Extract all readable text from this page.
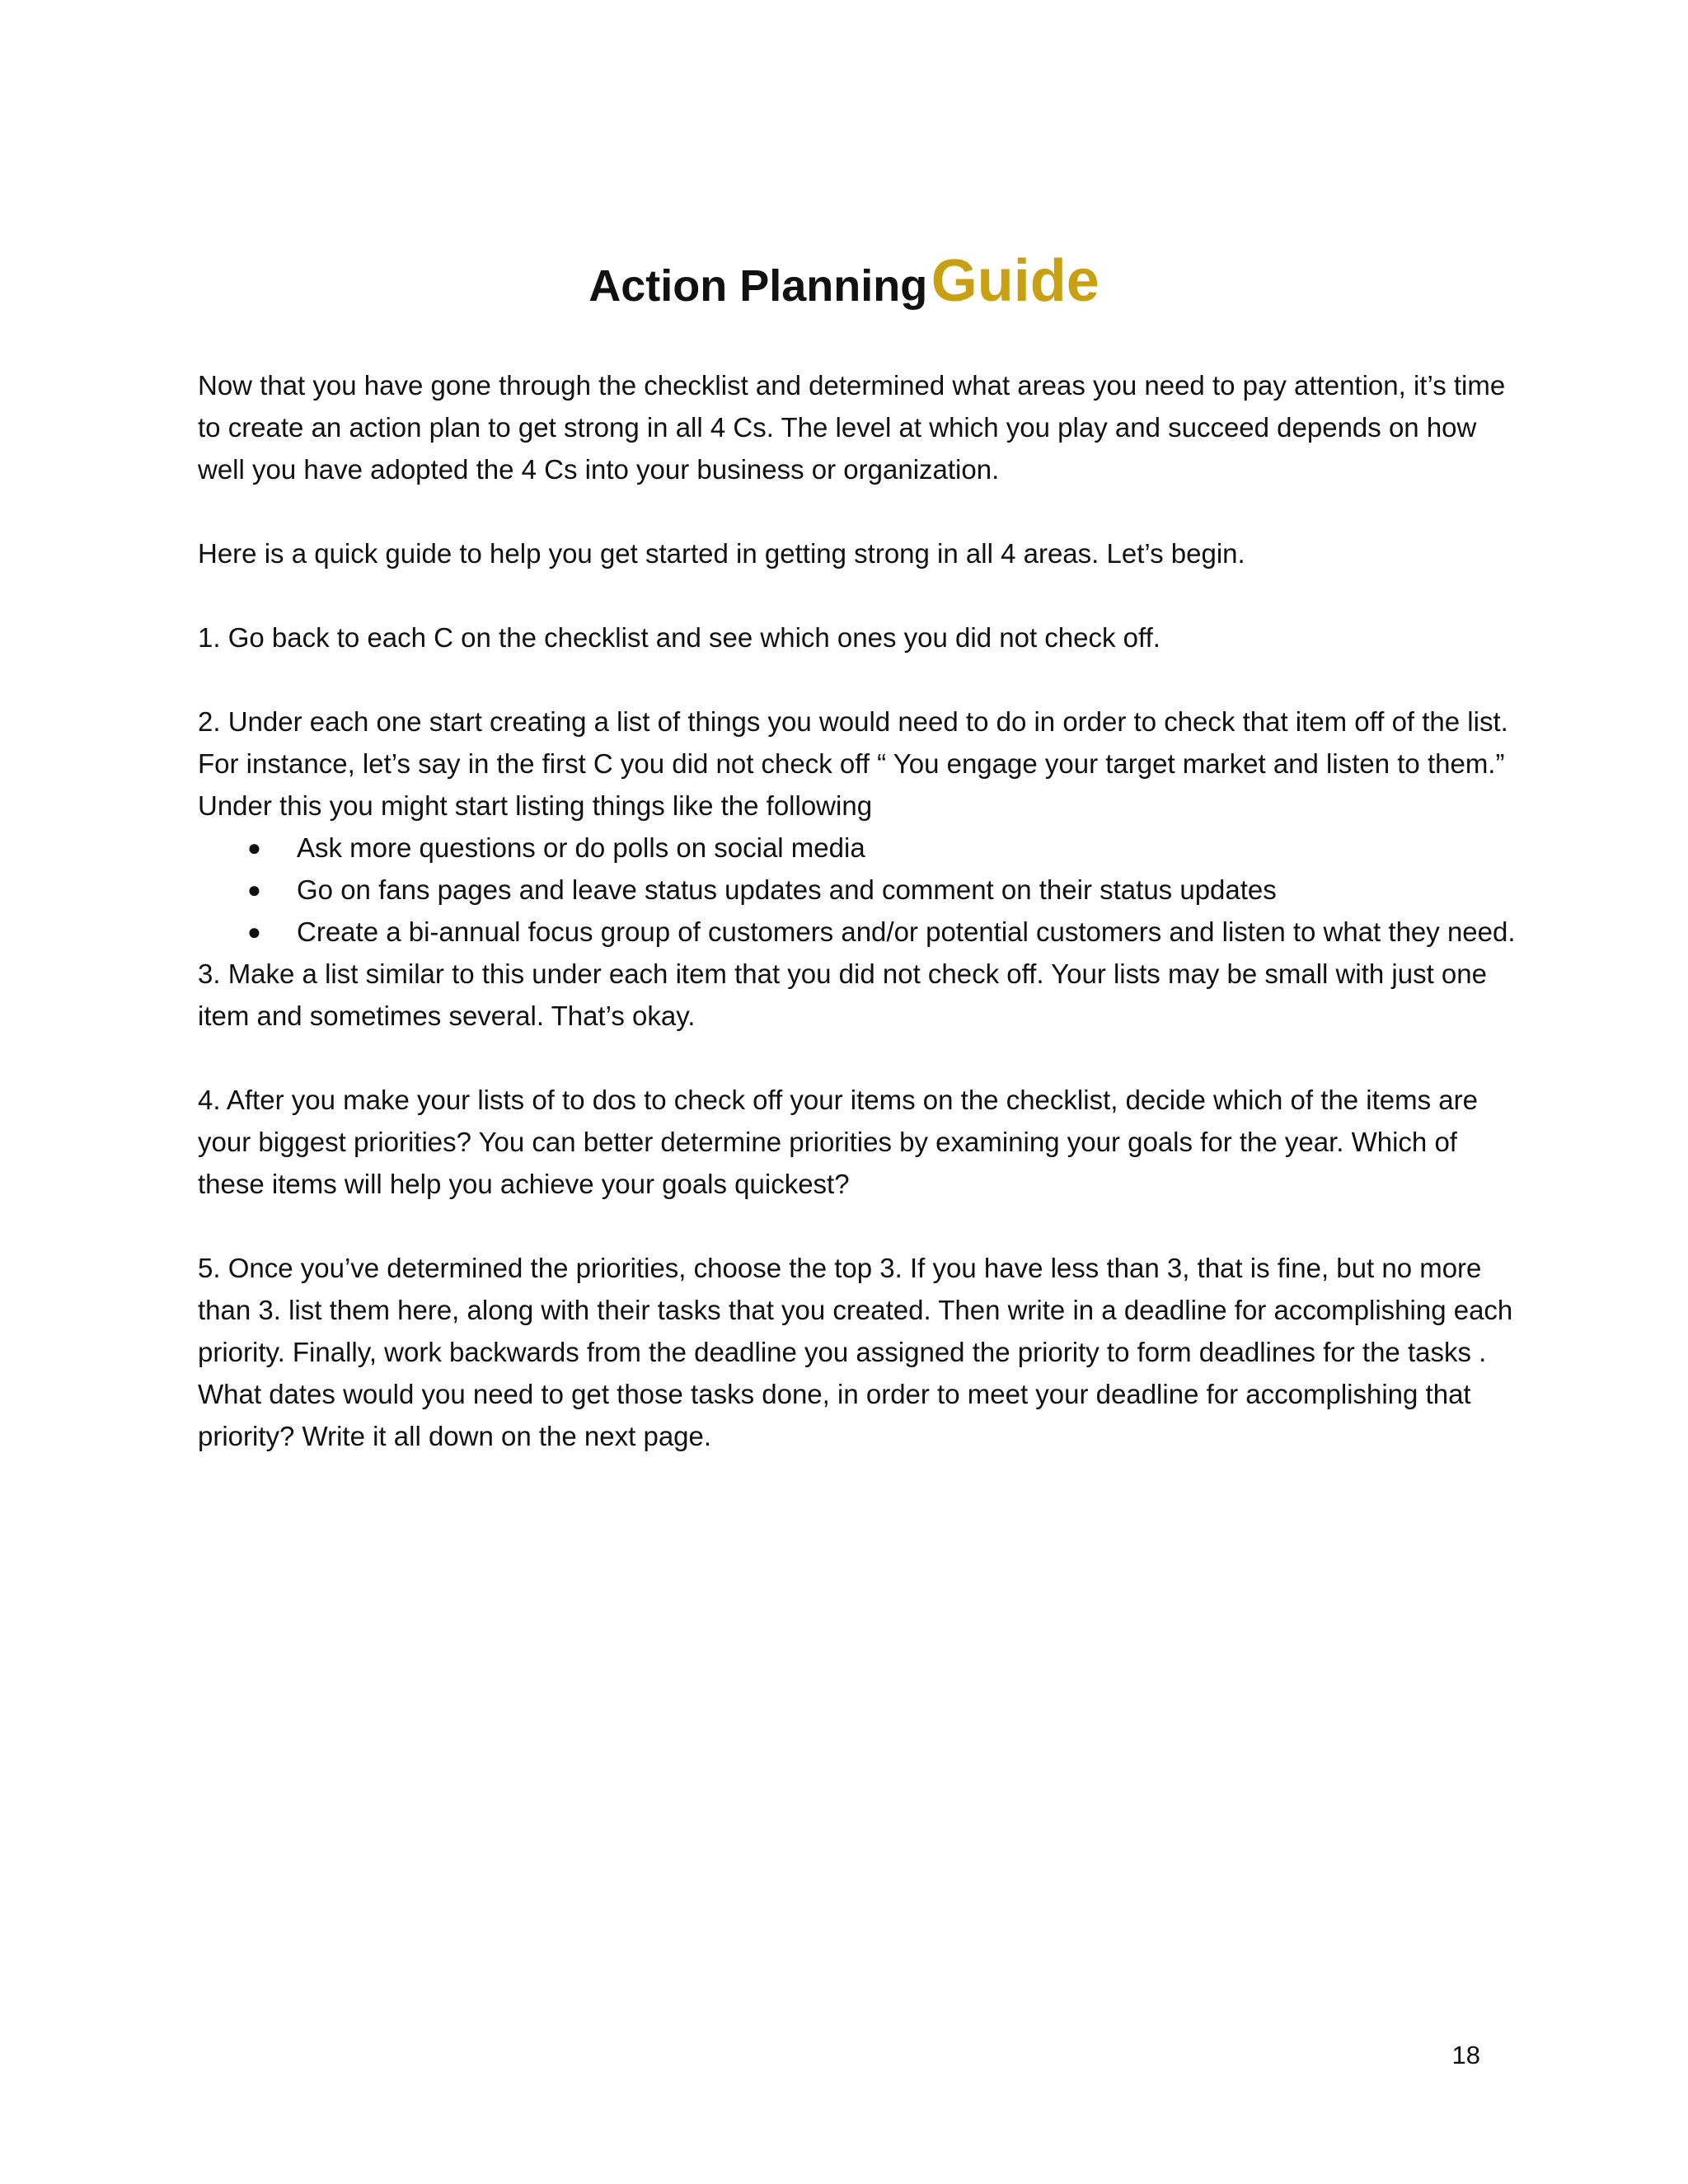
Action Planning Guide

Now that you have gone through the checklist and determined what areas you need to pay attention, it’s time to create an action plan to get strong in all 4 Cs. The level at which you play and succeed depends on how well you have adopted the 4 Cs into your business or organization.

Here is a quick guide to help you get started in getting strong in all 4 areas. Let’s begin.

1. Go back to each C on the checklist and see which ones you did not check off.

2. Under each one start creating a list of things you would need to do in order to check that item off of the list. For instance, let’s say in the first C you did not check off “ You engage your target market and listen to them.” Under this you might start listing things like the following

● Ask more questions or do polls on social media
● Go on fans pages and leave status updates and comment on their status updates
● Create a bi-annual focus group of customers and/or potential customers and listen to what they need.

3. Make a list similar to this under each item that you did not check off. Your lists may be small with just one item and sometimes several. That’s okay.

4. After you make your lists of to dos to check off your items on the checklist, decide which of the items are your biggest priorities? You can better determine priorities by examining your goals for the year. Which of these items will help you achieve your goals quickest?

5. Once you’ve determined the priorities, choose the top 3. If you have less than 3, that is fine, but no more than 3. list them here, along with their tasks that you created. Then write in a deadline for accomplishing each priority. Finally, work backwards from the deadline you assigned the priority to form deadlines for the tasks . What dates would you need to get those tasks done, in order to meet your deadline for accomplishing that priority? Write it all down on the next page.

18
